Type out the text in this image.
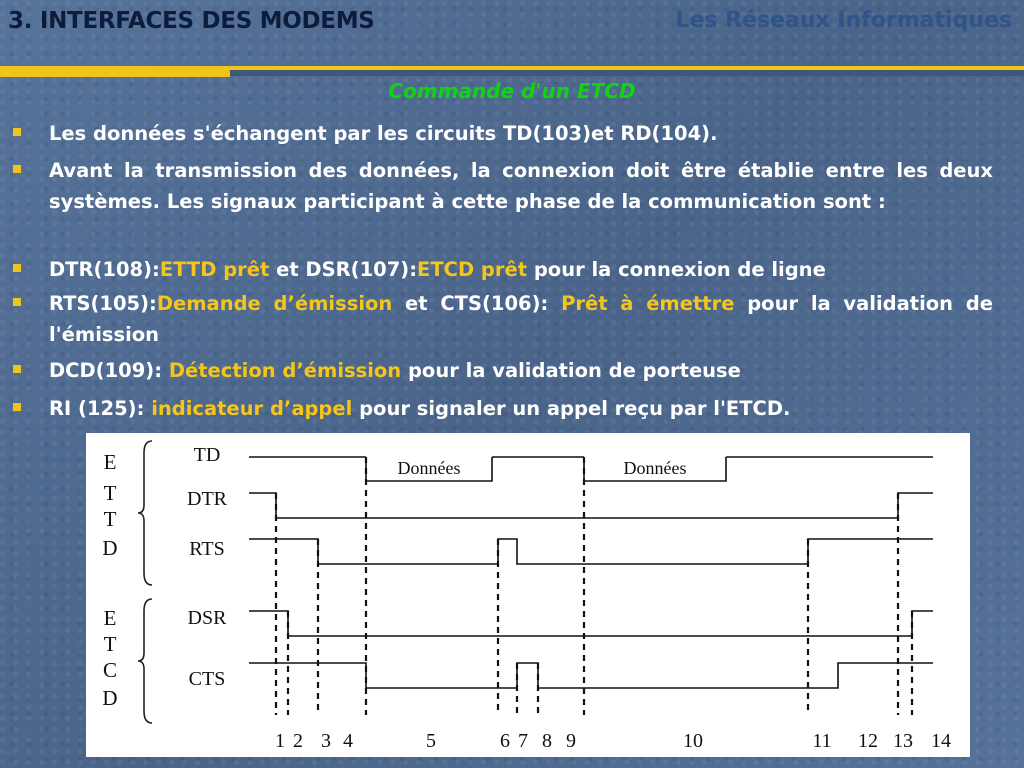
3. INTERFACES DES MODEMS	Les Réseaux Informatiques
Commande d'un ETCD
Les données s'échangent par les circuits TD(103)et RD(104).
Avant la transmission des données, la connexion doit être établie entre les deux systèmes. Les signaux participant à cette phase de la communication sont :
DTR(108):ETTD prêt et DSR(107):ETCD prêt pour la connexion de ligne
RTS(105):Demande d’émission et CTS(106): Prêt à émettre pour la validation de l'émission
DCD(109): Détection d’émission pour la validation de porteuse
RI (125): indicateur d’appel pour signaler un appel reçu par l'ETCD.
E
T
T
D
E
T
C
D
TD
DTR
RTS
DSR
CTS
Données	Données
1 2 3 4	5	6 7 8 9	10	11 12 13 14
